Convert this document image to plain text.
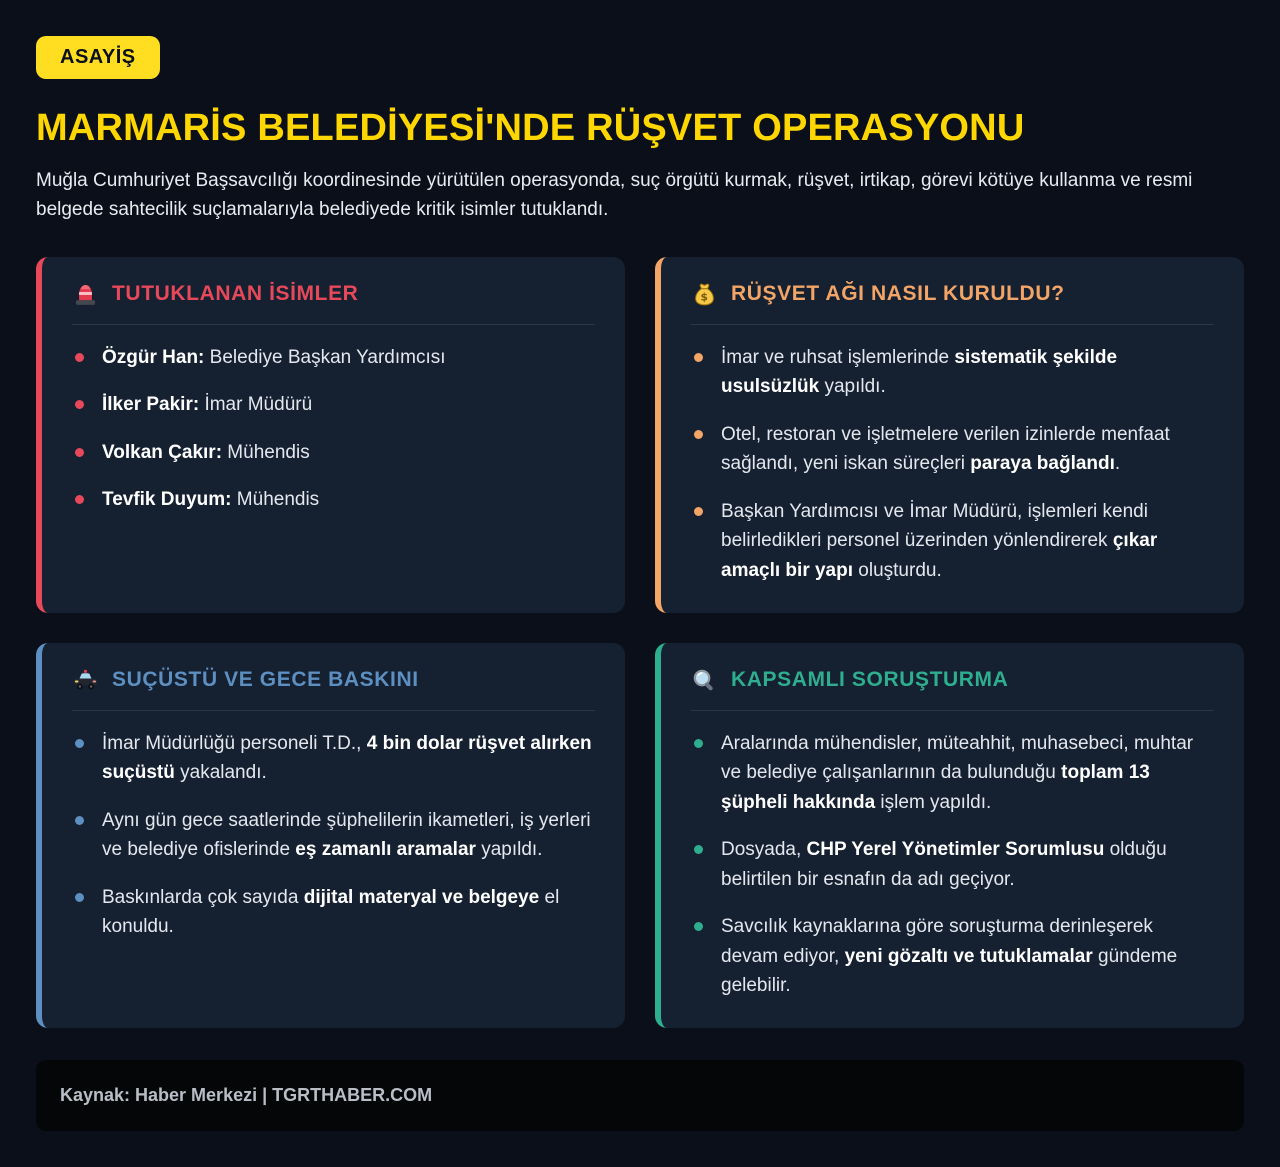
ASAYİŞ
MARMARİS BELEDİYESİ'NDE RÜŞVET OPERASYONU

Muğla Cumhuriyet Başsavcılığı koordinesinde yürütülen operasyonda, suç örgütü kurmak, rüşvet, irtikap, görevi kötüye kullanma ve resmi belgede sahtecilik suçlamalarıyla belediyede kritik isimler tutuklandı.

TUTUKLANAN İSİMLER
Özgür Han: Belediye Başkan Yardımcısı
İlker Pakir: İmar Müdürü
Volkan Çakır: Mühendis
Tevfik Duyum: Mühendis
$ RÜŞVET AĞI NASIL KURULDU?
İmar ve ruhsat işlemlerinde sistematik şekilde usulsüzlük yapıldı.
Otel, restoran ve işletmelere verilen izinlerde menfaat sağlandı, yeni iskan süreçleri paraya bağlandı.
Başkan Yardımcısı ve İmar Müdürü, işlemleri kendi belirledikleri personel üzerinden yönlendirerek çıkar amaçlı bir yapı oluşturdu.
SUÇÜSTÜ VE GECE BASKINI
İmar Müdürlüğü personeli T.D., 4 bin dolar rüşvet alırken suçüstü yakalandı.
Aynı gün gece saatlerinde şüphelilerin ikametleri, iş yerleri ve belediye ofislerinde eş zamanlı aramalar yapıldı.
Baskınlarda çok sayıda dijital materyal ve belgeye el konuldu.
KAPSAMLI SORUŞTURMA
Aralarında mühendisler, müteahhit, muhasebeci, muhtar ve belediye çalışanlarının da bulunduğu toplam 13 şüpheli hakkında işlem yapıldı.
Dosyada, CHP Yerel Yönetimler Sorumlusu olduğu belirtilen bir esnafın da adı geçiyor.
Savcılık kaynaklarına göre soruşturma derinleşerek devam ediyor, yeni gözaltı ve tutuklamalar gündeme gelebilir.
Kaynak: Haber Merkezi | TGRTHABER.COM
